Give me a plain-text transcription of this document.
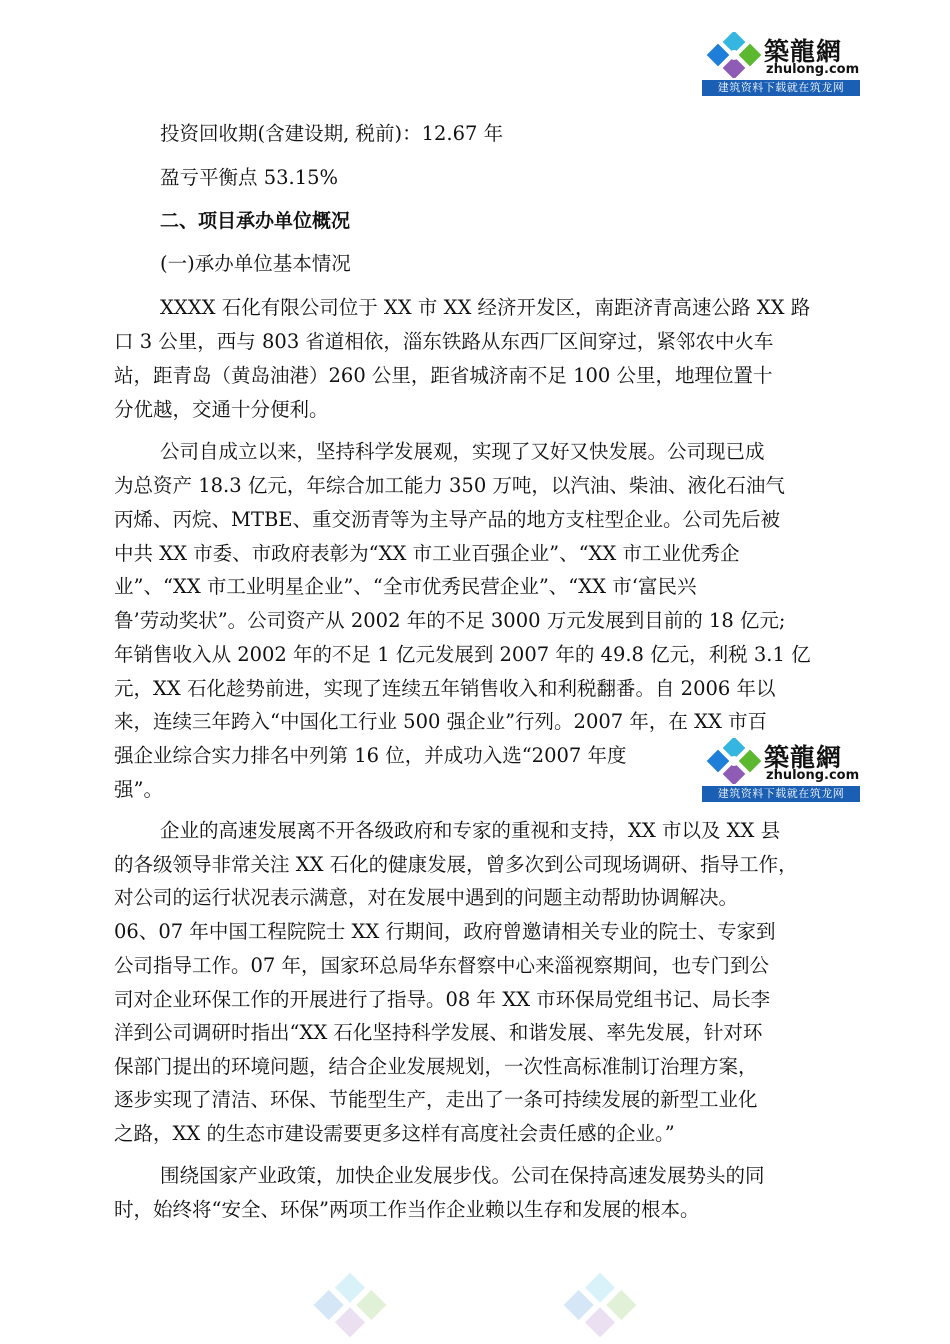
築龍網
zhulong.com
建筑资料下载就在筑龙网
築龍網
zhulong.com
建筑资料下载就在筑龙网
投资回收期(含建设期, 税前)：12.67 年
盈亏平衡点 53.15%
二、项目承办单位概况
(一)承办单位基本情况
XXXX 石化有限公司位于 XX 市 XX 经济开发区，南距济青高速公路 XX 路
口 3 公里，西与 803 省道相依，淄东铁路从东西厂区间穿过，紧邻农中火车
站，距青岛（黄岛油港）260 公里，距省城济南不足 100 公里，地理位置十
分优越，交通十分便利。
公司自成立以来，坚持科学发展观，实现了又好又快发展。公司现已成
为总资产 18.3 亿元，年综合加工能力 350 万吨，以汽油、柴油、液化石油气
丙烯、丙烷、MTBE、重交沥青等为主导产品的地方支柱型企业。公司先后被
中共 XX 市委、市政府表彰为“XX 市工业百强企业”、“XX 市工业优秀企
业”、“XX 市工业明星企业”、“全市优秀民营企业”、“XX 市‘富民兴
鲁’劳动奖状”。公司资产从 2002 年的不足 3000 万元发展到目前的 18 亿元;
年销售收入从 2002 年的不足 1 亿元发展到 2007 年的 49.8 亿元，利税 3.1 亿
元，XX 石化趁势前进，实现了连续五年销售收入和利税翻番。自 2006 年以
来，连续三年跨入“中国化工行业 500 强企业”行列。2007 年，在 XX 市百
强企业综合实力排名中列第 16 位，并成功入选“2007 年度
强”。
企业的高速发展离不开各级政府和专家的重视和支持，XX 市以及 XX 县
的各级领导非常关注 XX 石化的健康发展，曾多次到公司现场调研、指导工作，
对公司的运行状况表示满意，对在发展中遇到的问题主动帮助协调解决。
06、07 年中国工程院院士 XX 行期间，政府曾邀请相关专业的院士、专家到
公司指导工作。07 年，国家环总局华东督察中心来淄视察期间，也专门到公
司对企业环保工作的开展进行了指导。08 年 XX 市环保局党组书记、局长李
洋到公司调研时指出“XX 石化坚持科学发展、和谐发展、率先发展，针对环
保部门提出的环境问题，结合企业发展规划，一次性高标准制订治理方案，
逐步实现了清洁、环保、节能型生产，走出了一条可持续发展的新型工业化
之路，XX 的生态市建设需要更多这样有高度社会责任感的企业。”
围绕国家产业政策，加快企业发展步伐。公司在保持高速发展势头的同
时，始终将“安全、环保”两项工作当作企业赖以生存和发展的根本。
